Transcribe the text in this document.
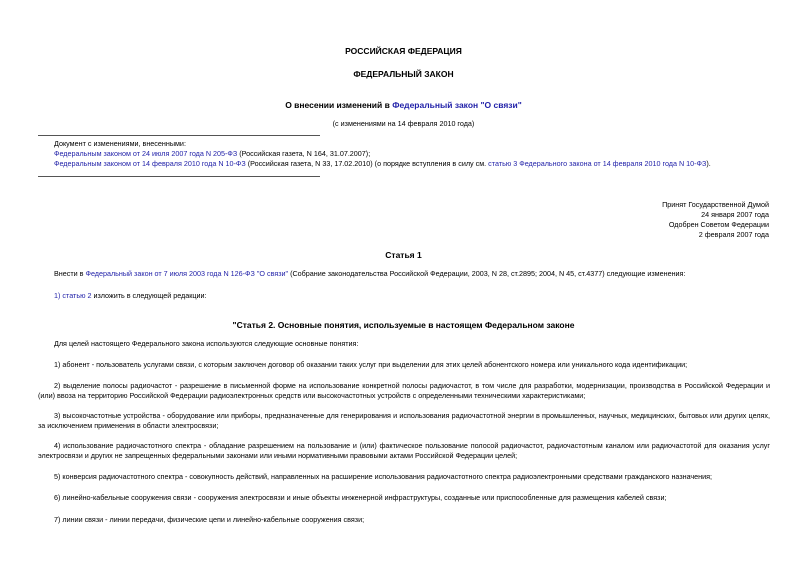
РОССИЙСКАЯ ФЕДЕРАЦИЯ
ФЕДЕРАЛЬНЫЙ ЗАКОН
О внесении изменений в Федеральный закон "О связи"
(с изменениями на 14 февраля 2010 года)
Документ с изменениями, внесенными:
Федеральным законом от 24 июля 2007 года N 205-ФЗ (Российская газета, N 164, 31.07.2007);
Федеральным законом от 14 февраля 2010 года N 10-ФЗ (Российская газета, N 33, 17.02.2010) (о порядке вступления в силу см. статью 3 Федерального закона от 14 февраля 2010 года N 10-ФЗ).
Принят Государственной Думой
24 января 2007 года
Одобрен Советом Федерации
2 февраля 2007 года
Статья 1
Внести в Федеральный закон от 7 июля 2003 года N 126-ФЗ "О связи" (Собрание законодательства Российской Федерации, 2003, N 28, ст.2895; 2004, N 45, ст.4377) следующие изменения:
1) статью 2 изложить в следующей редакции:
"Статья 2. Основные понятия, используемые в настоящем Федеральном законе
Для целей настоящего Федерального закона используются следующие основные понятия:
1) абонент - пользователь услугами связи, с которым заключен договор об оказании таких услуг при выделении для этих целей абонентского номера или уникального кода идентификации;
2) выделение полосы радиочастот - разрешение в письменной форме на использование конкретной полосы радиочастот, в том числе для разработки, модернизации, производства в Российской Федерации и (или) ввоза на территорию Российской Федерации радиоэлектронных средств или высокочастотных устройств с определенными техническими характеристиками;
3) высокочастотные устройства - оборудование или приборы, предназначенные для генерирования и использования радиочастотной энергии в промышленных, научных, медицинских, бытовых или других целях, за исключением применения в области электросвязи;
4) использование радиочастотного спектра - обладание разрешением на пользование и (или) фактическое пользование полосой радиочастот, радиочастотным каналом или радиочастотой для оказания услуг электросвязи и других не запрещенных федеральными законами или иными нормативными правовыми актами Российской Федерации целей;
5) конверсия радиочастотного спектра - совокупность действий, направленных на расширение использования радиочастотного спектра радиоэлектронными средствами гражданского назначения;
6) линейно-кабельные сооружения связи - сооружения электросвязи и иные объекты инженерной инфраструктуры, созданные или приспособленные для размещения кабелей связи;
7) линии связи - линии передачи, физические цепи и линейно-кабельные сооружения связи;
